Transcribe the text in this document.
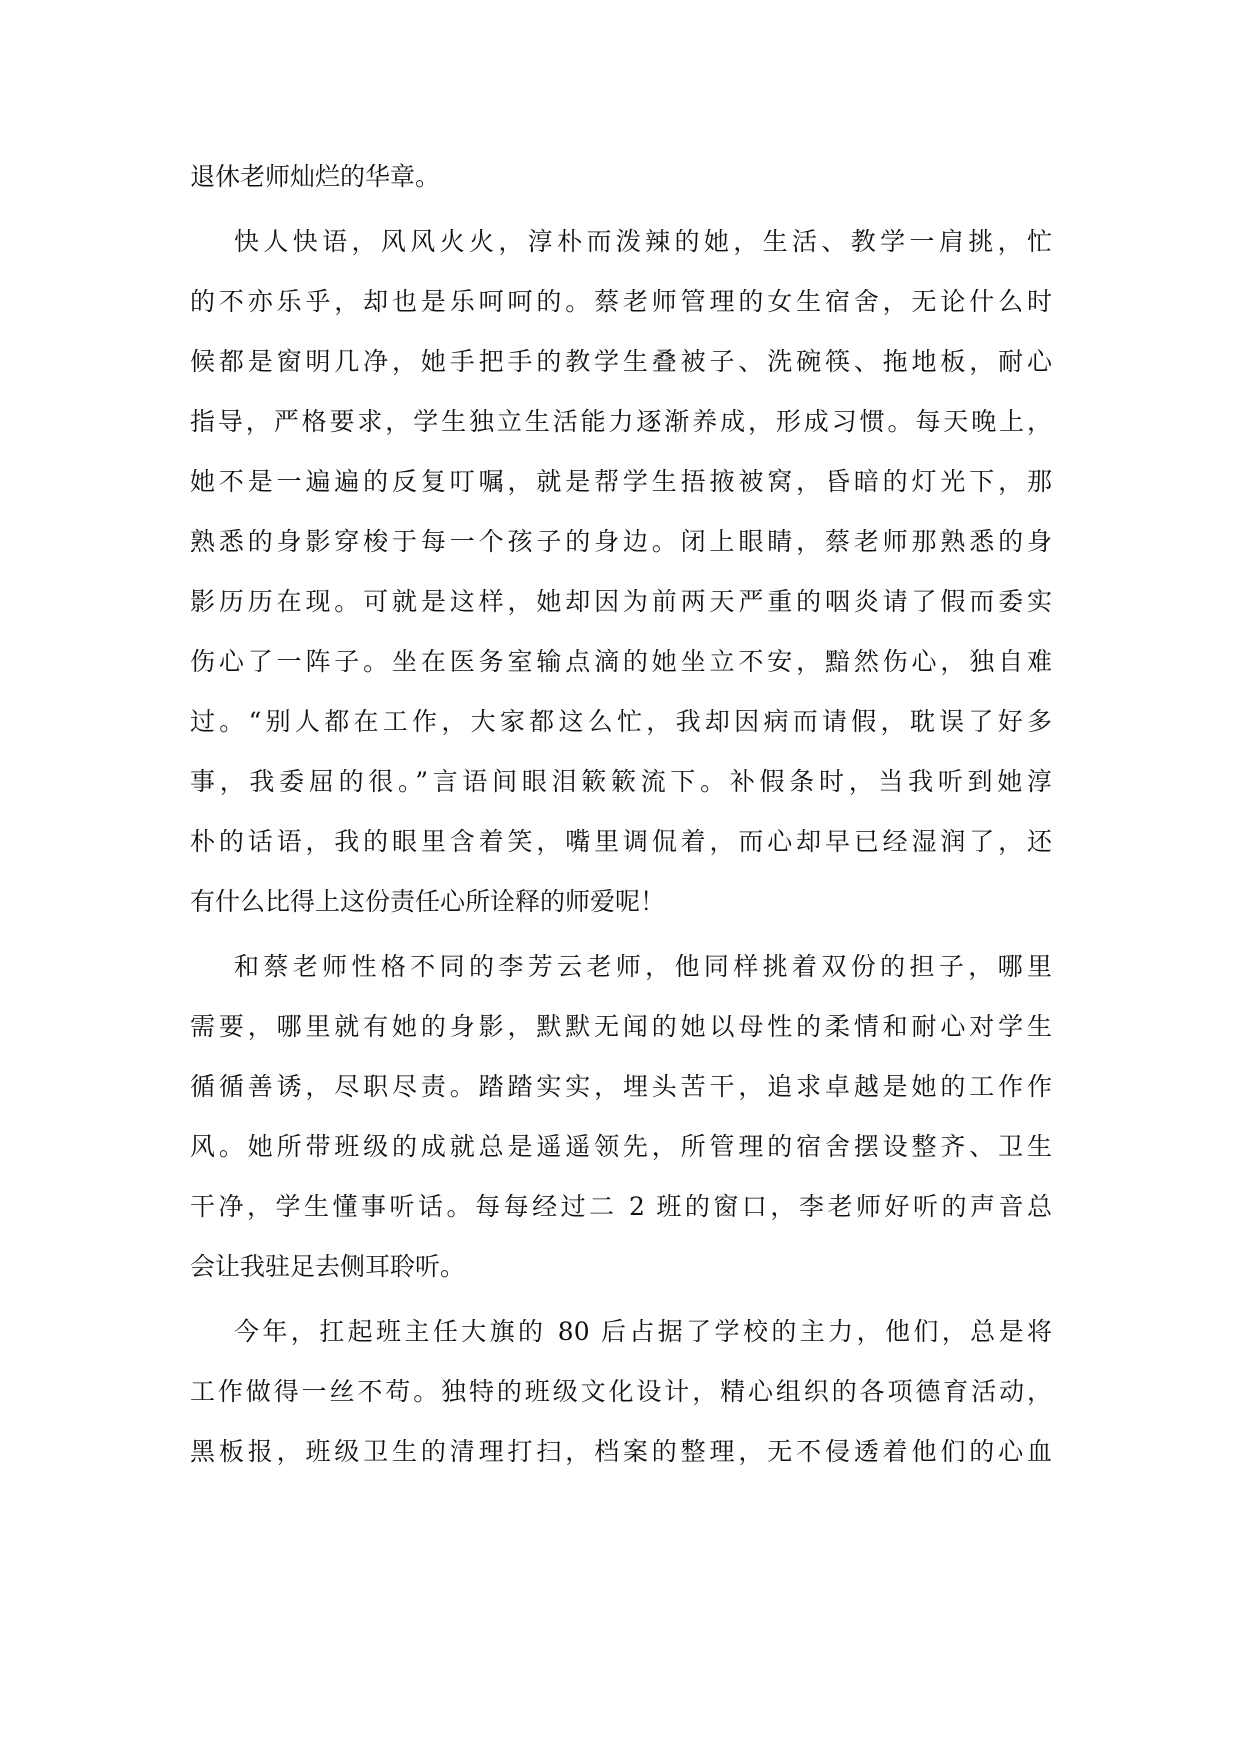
退休老师灿烂的华章。
快人快语，风风火火，淳朴而泼辣的她，生活、教学一肩挑，忙
的不亦乐乎，却也是乐呵呵的。蔡老师管理的女生宿舍，无论什么时
候都是窗明几净，她手把手的教学生叠被子、洗碗筷、拖地板，耐心
指导，严格要求，学生独立生活能力逐渐养成，形成习惯。每天晚上，
她不是一遍遍的反复叮嘱，就是帮学生捂掖被窝，昏暗的灯光下，那
熟悉的身影穿梭于每一个孩子的身边。闭上眼睛，蔡老师那熟悉的身
影历历在现。可就是这样，她却因为前两天严重的咽炎请了假而委实
伤心了一阵子。坐在医务室输点滴的她坐立不安，黯然伤心，独自难
过。“别人都在工作，大家都这么忙，我却因病而请假，耽误了好多
事，我委屈的很。”言语间眼泪簌簌流下。补假条时，当我听到她淳
朴的话语，我的眼里含着笑，嘴里调侃着，而心却早已经湿润了，还
有什么比得上这份责任心所诠释的师爱呢！
和蔡老师性格不同的李芳云老师，他同样挑着双份的担子，哪里
需要，哪里就有她的身影，默默无闻的她以母性的柔情和耐心对学生
循循善诱，尽职尽责。踏踏实实，埋头苦干，追求卓越是她的工作作
风。她所带班级的成就总是遥遥领先，所管理的宿舍摆设整齐、卫生
干净，学生懂事听话。每每经过二 2 班的窗口，李老师好听的声音总
会让我驻足去侧耳聆听。
今年，扛起班主任大旗的 80 后占据了学校的主力，他们，总是将
工作做得一丝不苟。独特的班级文化设计，精心组织的各项德育活动，
黑板报，班级卫生的清理打扫，档案的整理，无不侵透着他们的心血
